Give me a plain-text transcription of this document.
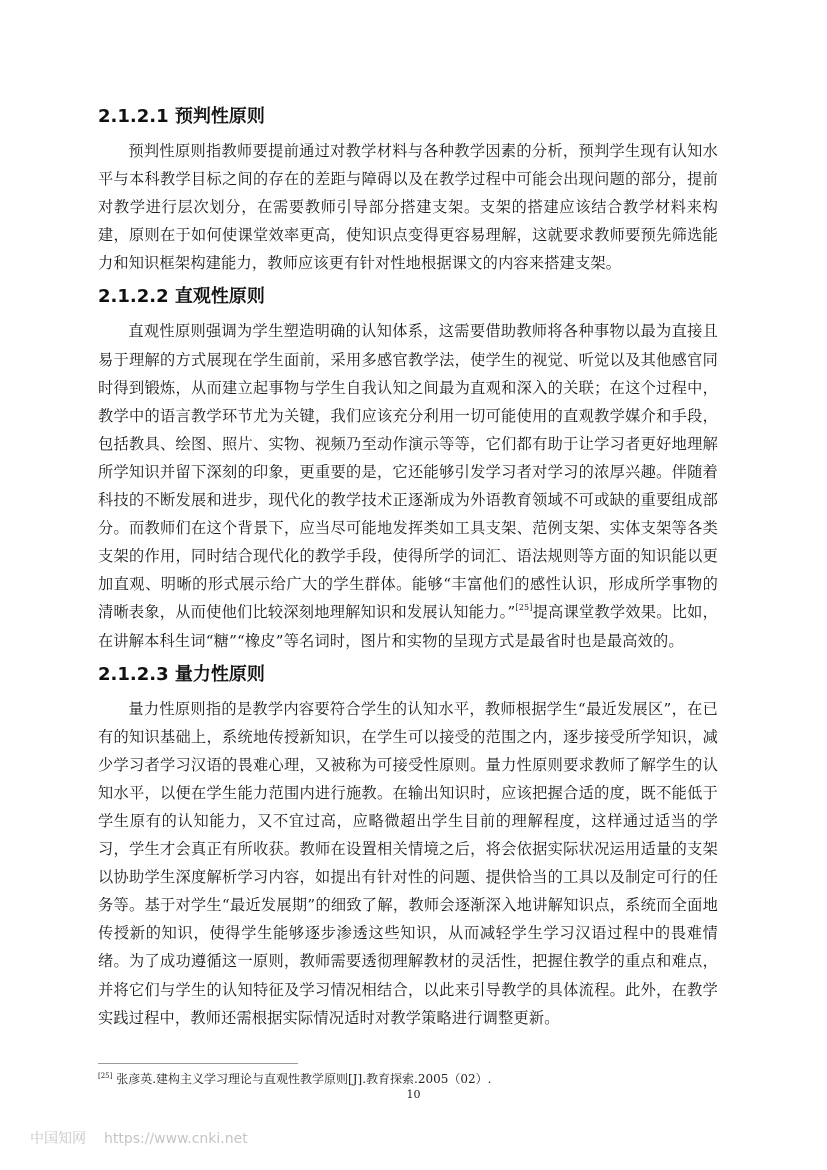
2.1.2.1 预判性原则

预判性原则指教师要提前通过对教学材料与各种教学因素的分析，预判学生现有认知水平与本科教学目标之间的存在的差距与障碍以及在教学过程中可能会出现问题的部分，提前对教学进行层次划分，在需要教师引导部分搭建支架。支架的搭建应该结合教学材料来构建，原则在于如何使课堂效率更高，使知识点变得更容易理解，这就要求教师要预先筛选能力和知识框架构建能力，教师应该更有针对性地根据课文的内容来搭建支架。

2.1.2.2 直观性原则

直观性原则强调为学生塑造明确的认知体系，这需要借助教师将各种事物以最为直接且易于理解的方式展现在学生面前，采用多感官教学法，使学生的视觉、听觉以及其他感官同时得到锻炼，从而建立起事物与学生自我认知之间最为直观和深入的关联；在这个过程中，教学中的语言教学环节尤为关键，我们应该充分利用一切可能使用的直观教学媒介和手段，包括教具、绘图、照片、实物、视频乃至动作演示等等，它们都有助于让学习者更好地理解所学知识并留下深刻的印象，更重要的是，它还能够引发学习者对学习的浓厚兴趣。伴随着科技的不断发展和进步，现代化的教学技术正逐渐成为外语教育领域不可或缺的重要组成部分。而教师们在这个背景下，应当尽可能地发挥类如工具支架、范例支架、实体支架等各类支架的作用，同时结合现代化的教学手段，使得所学的词汇、语法规则等方面的知识能以更加直观、明晰的形式展示给广大的学生群体。能够“丰富他们的感性认识，形成所学事物的清晰表象，从而使他们比较深刻地理解知识和发展认知能力。”[25]提高课堂教学效果。比如，在讲解本科生词“糖”“橡皮”等名词时，图片和实物的呈现方式是最省时也是最高效的。

2.1.2.3 量力性原则

量力性原则指的是教学内容要符合学生的认知水平，教师根据学生“最近发展区”，在已有的知识基础上，系统地传授新知识，在学生可以接受的范围之内，逐步接受所学知识，减少学习者学习汉语的畏难心理，又被称为可接受性原则。量力性原则要求教师了解学生的认知水平，以便在学生能力范围内进行施教。在输出知识时，应该把握合适的度，既不能低于学生原有的认知能力，又不宜过高，应略微超出学生目前的理解程度，这样通过适当的学习，学生才会真正有所收获。教师在设置相关情境之后，将会依据实际状况运用适量的支架以协助学生深度解析学习内容，如提出有针对性的问题、提供恰当的工具以及制定可行的任务等。基于对学生“最近发展期”的细致了解，教师会逐渐深入地讲解知识点，系统而全面地传授新的知识，使得学生能够逐步渗透这些知识，从而减轻学生学习汉语过程中的畏难情绪。为了成功遵循这一原则，教师需要透彻理解教材的灵活性，把握住教学的重点和难点，并将它们与学生的认知特征及学习情况相结合，以此来引导教学的具体流程。此外，在教学实践过程中，教师还需根据实际情况适时对教学策略进行调整更新。

[25] 张彦英.建构主义学习理论与直观性教学原则[J].教育探索.2005（02）.
10
中国知网 https://www.cnki.net
